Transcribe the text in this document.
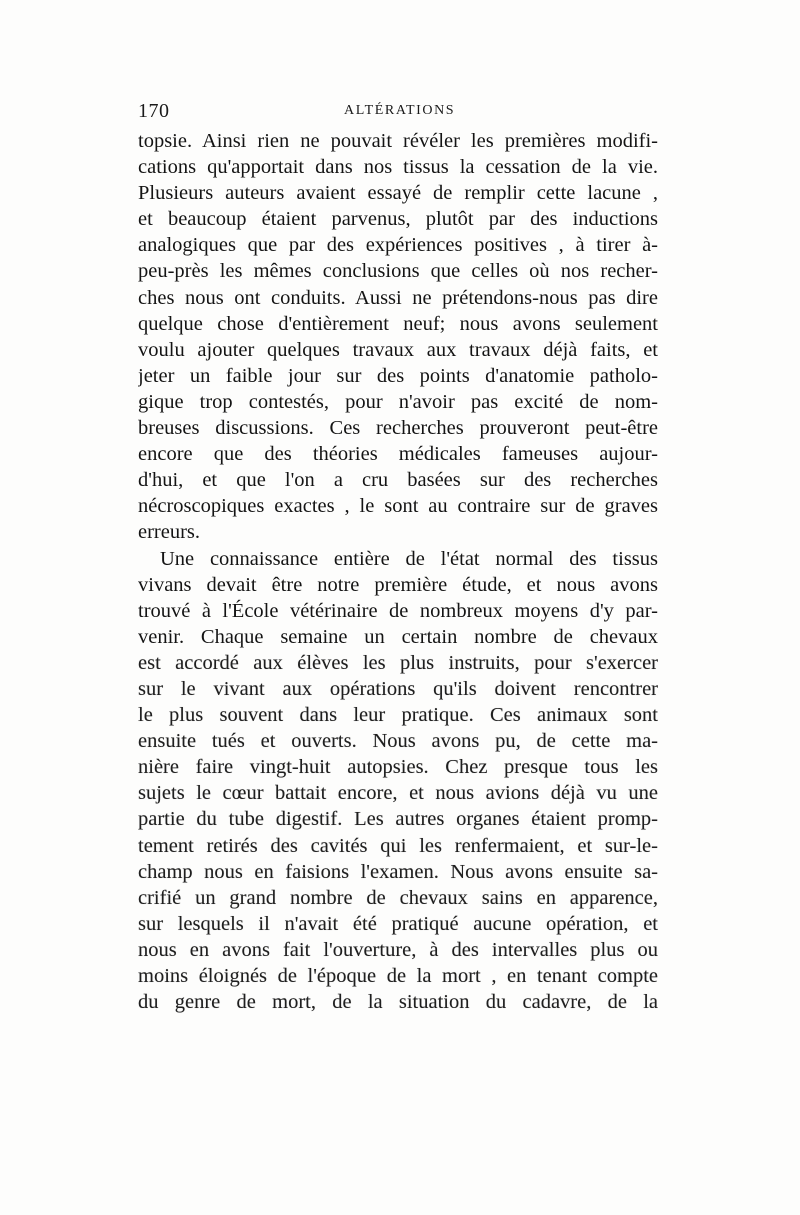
170	ALTÉRATIONS
topsie. Ainsi rien ne pouvait révéler les premières modifi-
cations qu'apportait dans nos tissus la cessation de la vie.
Plusieurs auteurs avaient essayé de remplir cette lacune ,
et beaucoup étaient parvenus, plutôt par des inductions
analogiques que par des expériences positives , à tirer à-
peu-près les mêmes conclusions que celles où nos recher-
ches nous ont conduits. Aussi ne prétendons-nous pas dire
quelque chose d'entièrement neuf; nous avons seulement
voulu ajouter quelques travaux aux travaux déjà faits, et
jeter un faible jour sur des points d'anatomie patholo-
gique trop contestés, pour n'avoir pas excité de nom-
breuses discussions. Ces recherches prouveront peut-être
encore que des théories médicales fameuses aujour-
d'hui, et que l'on a cru basées sur des recherches
nécroscopiques exactes , le sont au contraire sur de graves
erreurs.
Une connaissance entière de l'état normal des tissus
vivans devait être notre première étude, et nous avons
trouvé à l'École vétérinaire de nombreux moyens d'y par-
venir. Chaque semaine un certain nombre de chevaux
est accordé aux élèves les plus instruits, pour s'exercer
sur le vivant aux opérations qu'ils doivent rencontrer
le plus souvent dans leur pratique. Ces animaux sont
ensuite tués et ouverts. Nous avons pu, de cette ma-
nière faire vingt-huit autopsies. Chez presque tous les
sujets le cœur battait encore, et nous avions déjà vu une
partie du tube digestif. Les autres organes étaient promp-
tement retirés des cavités qui les renfermaient, et sur-le-
champ nous en faisions l'examen. Nous avons ensuite sa-
crifié un grand nombre de chevaux sains en apparence,
sur lesquels il n'avait été pratiqué aucune opération, et
nous en avons fait l'ouverture, à des intervalles plus ou
moins éloignés de l'époque de la mort , en tenant compte
du genre de mort, de la situation du cadavre, de la
